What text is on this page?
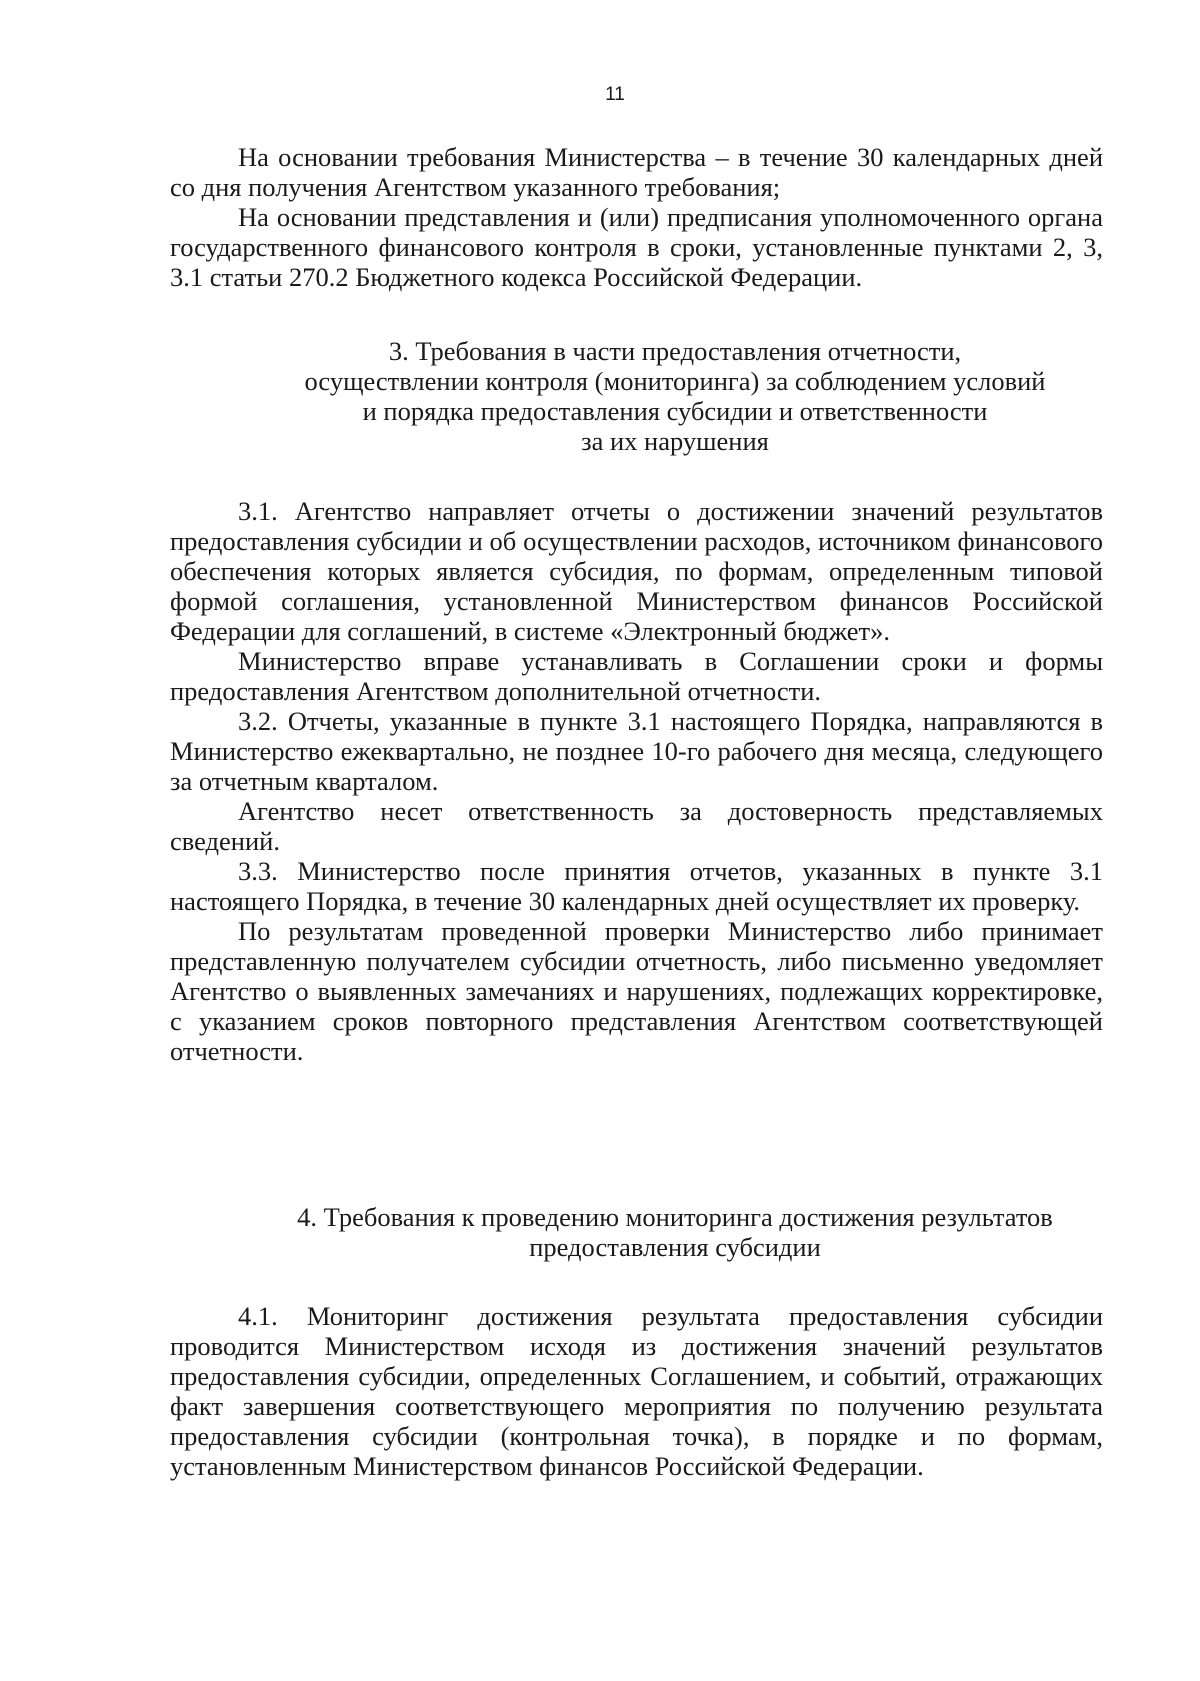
11

На основании требования Министерства – в течение 30 календарных дней со дня получения Агентством указанного требования;

На основании представления и (или) предписания уполномоченного органа государственного финансового контроля в сроки, установленные пунктами 2, 3, 3.1 статьи 270.2 Бюджетного кодекса Российской Федерации.

3. Требования в части предоставления отчетности,
осуществлении контроля (мониторинга) за соблюдением условий
и порядка предоставления субсидии и ответственности
за их нарушения

3.1. Агентство направляет отчеты о достижении значений результатов предоставления субсидии и об осуществлении расходов, источником финансового обеспечения которых является субсидия, по формам, определенным типовой формой соглашения, установленной Министерством финансов Российской Федерации для соглашений, в системе «Электронный бюджет».

Министерство вправе устанавливать в Соглашении сроки и формы предоставления Агентством дополнительной отчетности.

3.2. Отчеты, указанные в пункте 3.1 настоящего Порядка, направляются в Министерство ежеквартально, не позднее 10-го рабочего дня месяца, следующего за отчетным кварталом.

Агентство несет ответственность за достоверность представляемых сведений.

3.3. Министерство после принятия отчетов, указанных в пункте 3.1 настоящего Порядка, в течение 30 календарных дней осуществляет их проверку.

По результатам проведенной проверки Министерство либо принимает представленную получателем субсидии отчетность, либо письменно уведомляет Агентство о выявленных замечаниях и нарушениях, подлежащих корректировке, с указанием сроков повторного представления Агентством соответствующей отчетности.

4. Требования к проведению мониторинга достижения результатов
предоставления субсидии

4.1. Мониторинг достижения результата предоставления субсидии проводится Министерством исходя из достижения значений результатов предоставления субсидии, определенных Соглашением, и событий, отражающих факт завершения соответствующего мероприятия по получению результата предоставления субсидии (контрольная точка), в порядке и по формам, установленным Министерством финансов Российской Федерации.
